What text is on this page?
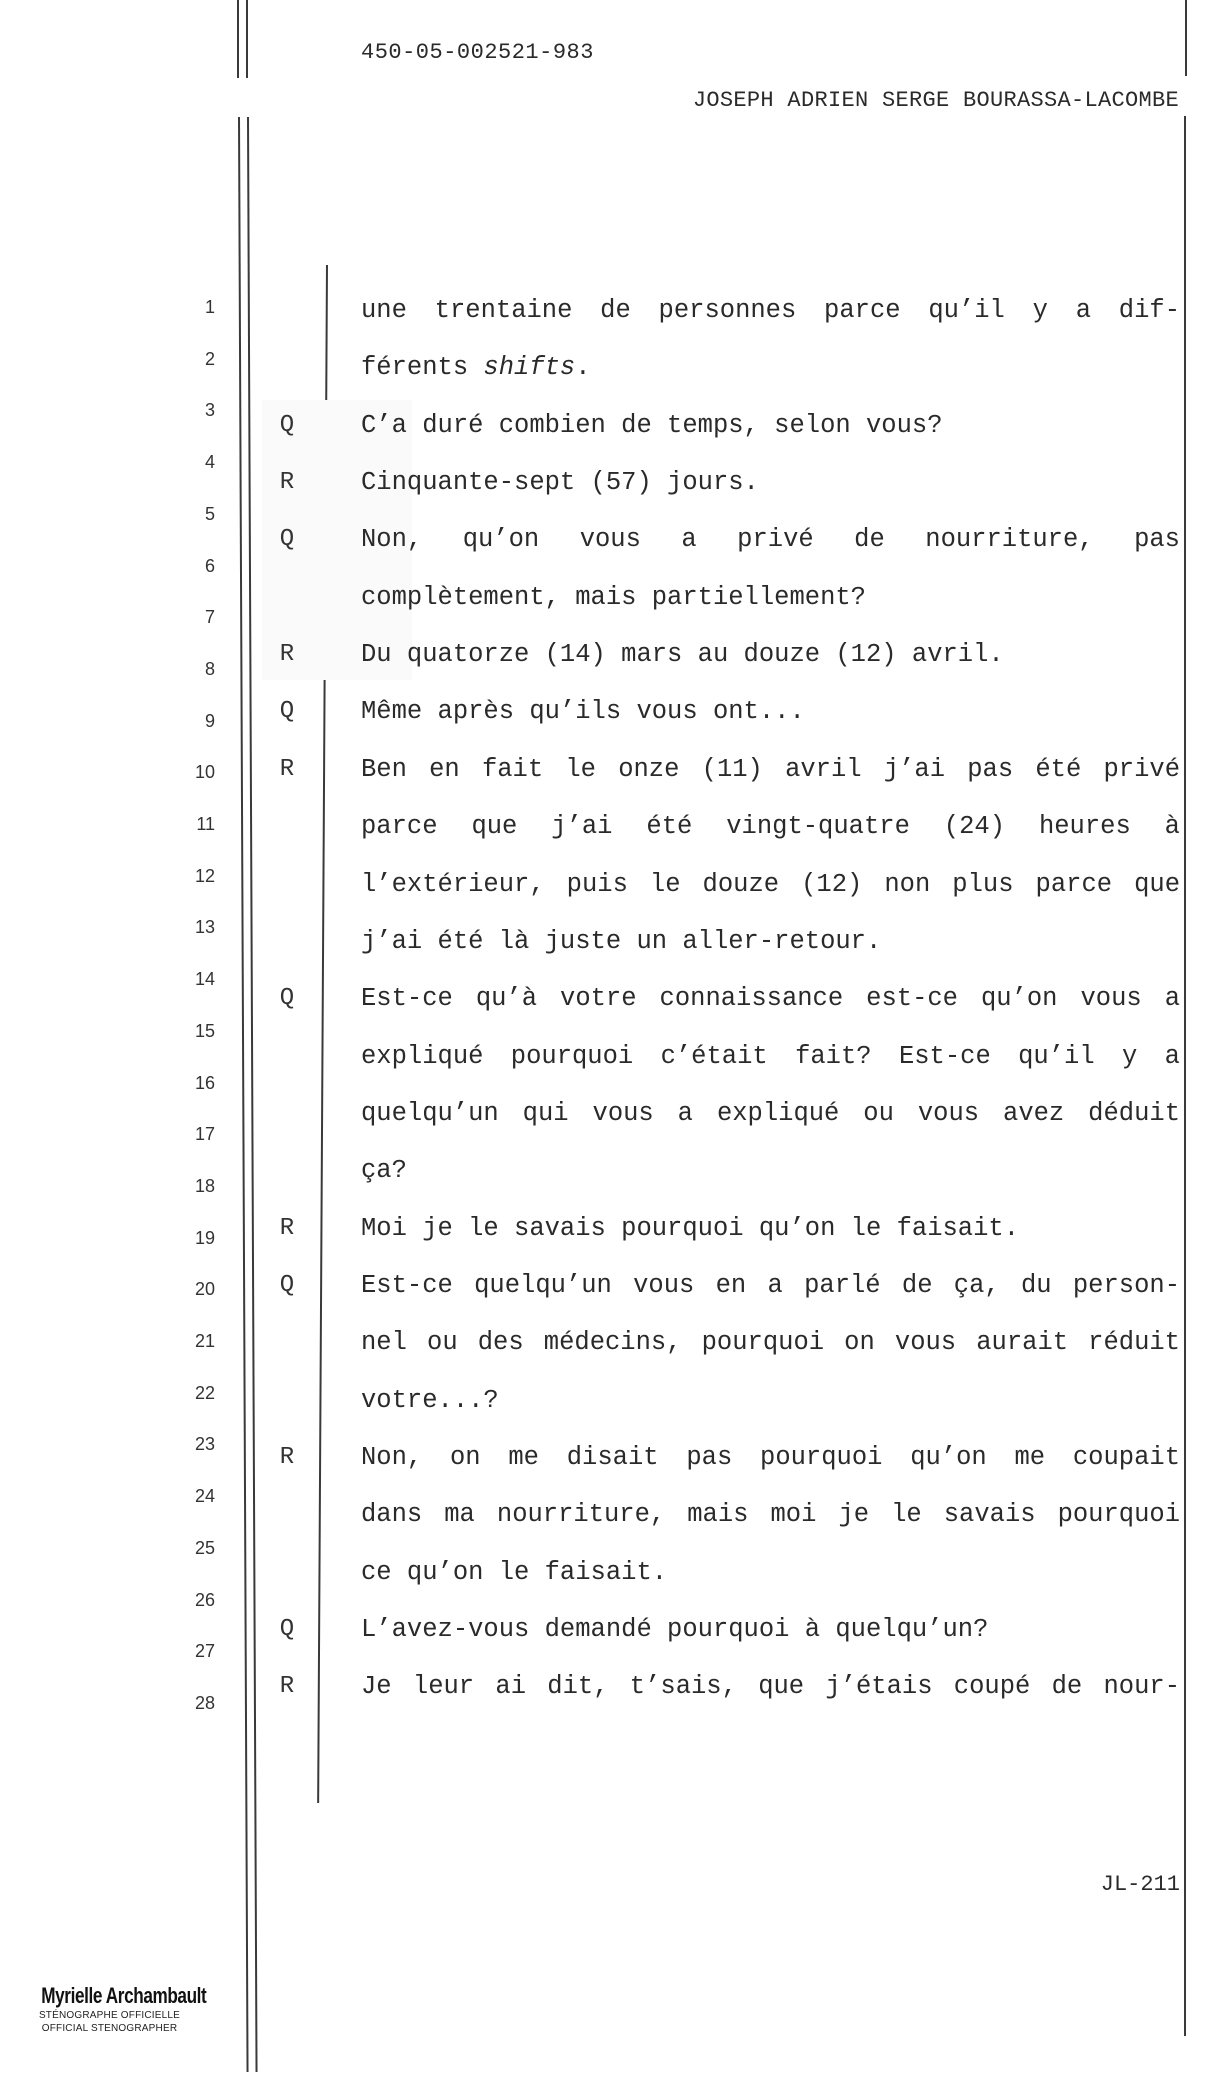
450-05-002521-983
JOSEPH ADRIEN SERGE BOURASSA-LACOMBE
1
2
3
4
5
6
7
8
9
10
11
12
13
14
15
16
17
18
19
20
21
22
23
24
25
26
27
28
une trentaine de personnes parce qu’il y a dif-
férents shifts.
Q	C’a duré combien de temps, selon vous?
R	Cinquante-sept (57) jours.
Q	Non, qu’on vous a privé de nourriture, pas
complètement, mais partiellement?
R	Du quatorze (14) mars au douze (12) avril.
Q	Même après qu’ils vous ont...
R	Ben en fait le onze (11) avril j’ai pas été privé
parce que j’ai été vingt-quatre (24) heures à
l’extérieur, puis le douze (12) non plus parce que
j’ai été là juste un aller-retour.
Q	Est-ce qu’à votre connaissance est-ce qu’on vous a
expliqué pourquoi c’était fait? Est-ce qu’il y a
quelqu’un qui vous a expliqué ou vous avez déduit
ça?
R	Moi je le savais pourquoi qu’on le faisait.
Q	Est-ce quelqu’un vous en a parlé de ça, du person-
nel ou des médecins, pourquoi on vous aurait réduit
votre...?
R	Non, on me disait pas pourquoi qu’on me coupait
dans ma nourriture, mais moi je le savais pourquoi
ce qu’on le faisait.
Q	L’avez-vous demandé pourquoi à quelqu’un?
R	Je leur ai dit, t’sais, que j’étais coupé de nour-
JL-211
Myrielle Archambault
STÉNOGRAPHE OFFICIELLE
OFFICIAL STENOGRAPHER
